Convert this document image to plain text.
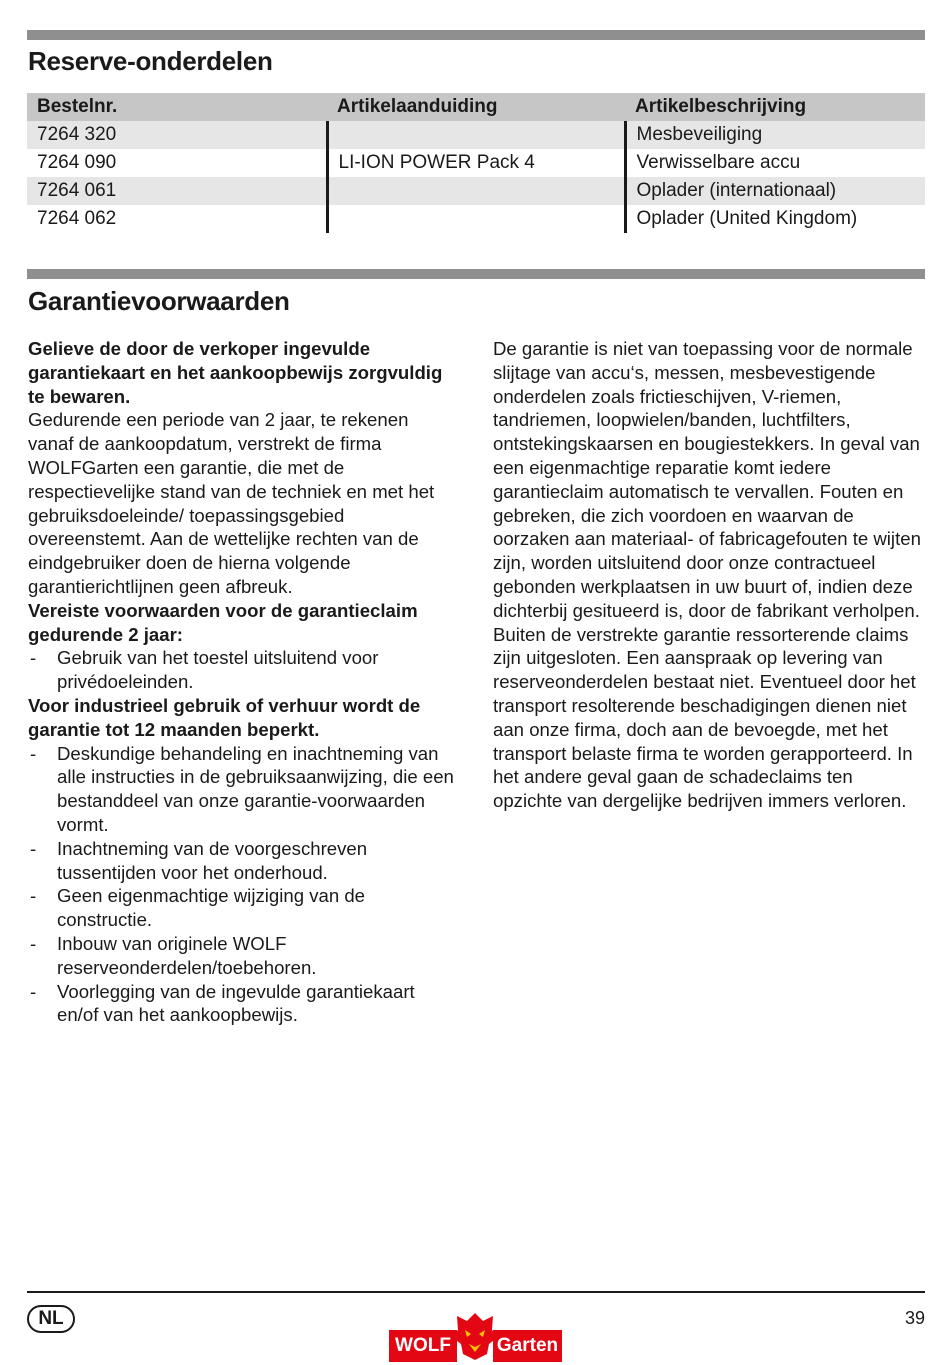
Reserve-onderdelen
Bestelnr.	Artikelaanduiding	Artikelbeschrijving
7264 320		Mesbeveiliging
7264 090	LI-ION POWER Pack 4	Verwisselbare accu
7264 061		Oplader (internationaal)
7264 062		Oplader (United Kingdom)
Garantievoorwaarden

Gelieve de door de verkoper ingevulde garantiekaart en het aankoopbewijs zorgvuldig te bewaren.

Gedurende een periode van 2 jaar, te rekenen vanaf de aankoopdatum, verstrekt de firma WOLFGarten een garantie, die met de respectievelijke stand van de techniek en met het gebruiksdoeleinde/ toepassingsgebied overeenstemt. Aan de wettelijke rechten van de eindgebruiker doen de hierna volgende garantierichtlijnen geen afbreuk.

Vereiste voorwaarden voor de garantieclaim gedurende 2 jaar:

- Gebruik van het toestel uitsluitend voor privédoeleinden.

Voor industrieel gebruik of verhuur wordt de garantie tot 12 maanden beperkt.

- Deskundige behandeling en inachtneming van alle instructies in de gebruiksaanwijzing, die een bestanddeel van onze garantie-voorwaarden vormt.
- Inachtneming van de voorgeschreven tussentijden voor het onderhoud.
- Geen eigenmachtige wijziging van de constructie.
- Inbouw van originele WOLF reserveonderdelen/toebehoren.
- Voorlegging van de ingevulde garantiekaart en/of van het aankoopbewijs.

De garantie is niet van toepassing voor de normale slijtage van accu‘s, messen, mesbevestigende onderdelen zoals frictieschijven, V-riemen, tandriemen, loopwielen/banden, luchtfilters, ontstekingskaarsen en bougiestekkers. In geval van een eigenmachtige reparatie komt iedere garantieclaim automatisch te vervallen. Fouten en gebreken, die zich voordoen en waarvan de oorzaken aan materiaal- of fabricagefouten te wijten zijn, worden uitsluitend door onze contractueel gebonden werkplaatsen in uw buurt of, indien deze dichterbij gesitueerd is, door de fabrikant verholpen. Buiten de verstrekte garantie ressorterende claims zijn uitgesloten. Een aanspraak op levering van reserveonderdelen bestaat niet. Eventueel door het transport resolterende beschadigingen dienen niet aan onze firma, doch aan de bevoegde, met het transport belaste firma te worden gerapporteerd. In het andere geval gaan de schadeclaims ten opzichte van dergelijke bedrijven immers verloren.

NL	39
WOLF	Garten
